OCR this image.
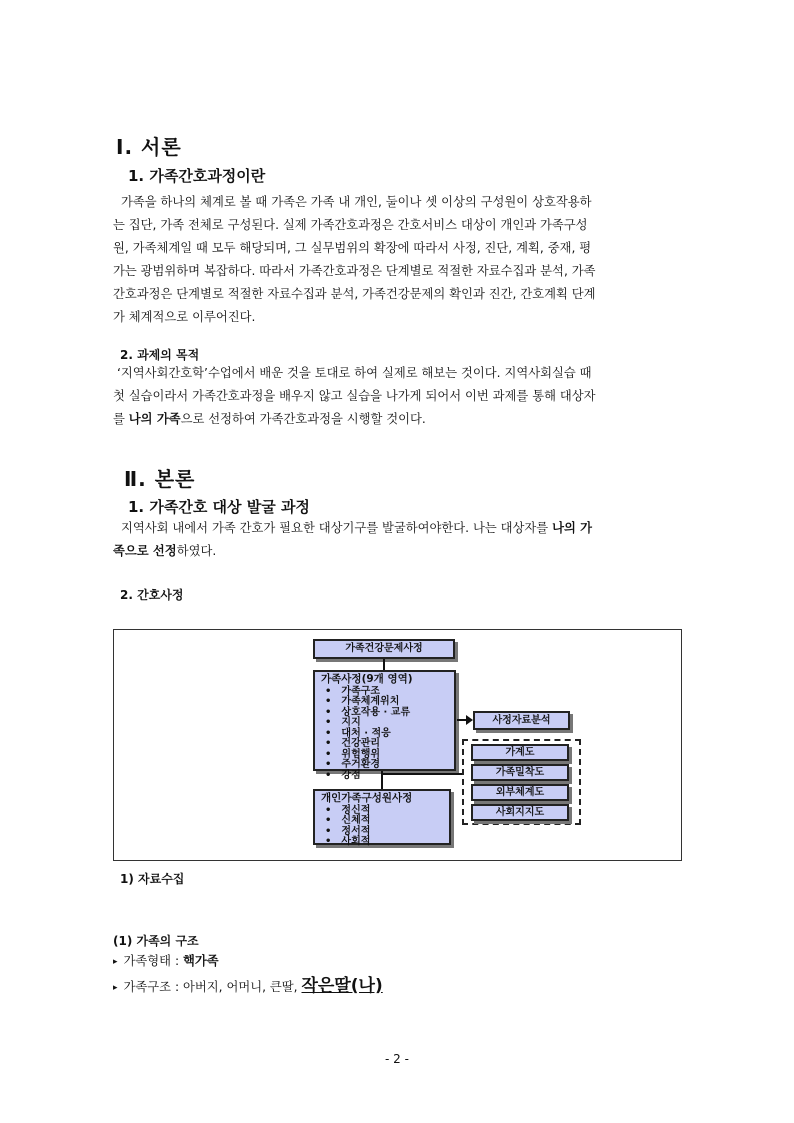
Ⅰ. 서론
1. 가족간호과정이란
가족을 하나의 체계로 볼 때 가족은 가족 내 개인, 둘이나 셋 이상의 구성원이 상호작용하
는 집단, 가족 전체로 구성된다. 실제 가족간호과정은 간호서비스 대상이 개인과 가족구성
원, 가족체계일 때 모두 해당되며, 그 실무범위의 확장에 따라서 사정, 진단, 계획, 중재, 평
가는 광범위하며 복잡하다. 따라서 가족간호과정은 단계별로 적절한 자료수집과 분석, 가족
간호과정은 단계별로 적절한 자료수집과 분석, 가족건강문제의 확인과 진간, 간호계획 단계
가 체계적으로 이루어진다.
2. 과제의 목적
‘지역사회간호학’수업에서 배운 것을 토대로 하여 실제로 해보는 것이다. 지역사회실습 때
첫 실습이라서 가족간호과정을 배우지 않고 실습을 나가게 되어서 이번 과제를 통해 대상자
를 나의 가족으로 선정하여 가족간호과정을 시행할 것이다.
Ⅱ. 본론
1. 가족간호 대상 발굴 과정
지역사회 내에서 가족 간호가 필요한 대상기구를 발굴하여야한다. 나는 대상자를 나의 가
족으로 선정하였다.
2. 간호사정
가족건강문제사정
가족사정(9개 영역)
• 가족구조
• 가족체계위치
• 상호작용 · 교류
• 지지
• 대처 · 적응
• 건강관리
• 위험행위
• 주거환경
• 강점
사정자료분석
가계도
가족밀착도
외부체계도
사회지지도
개인가족구성원사정
• 정신적
• 신체적
• 정서적
• 사회적
1) 자료수집
(1) 가족의 구조
▸ 가족형태 : 핵가족
▸ 가족구조 : 아버지, 어머니, 큰딸, 작은딸(나)
- 2 -
